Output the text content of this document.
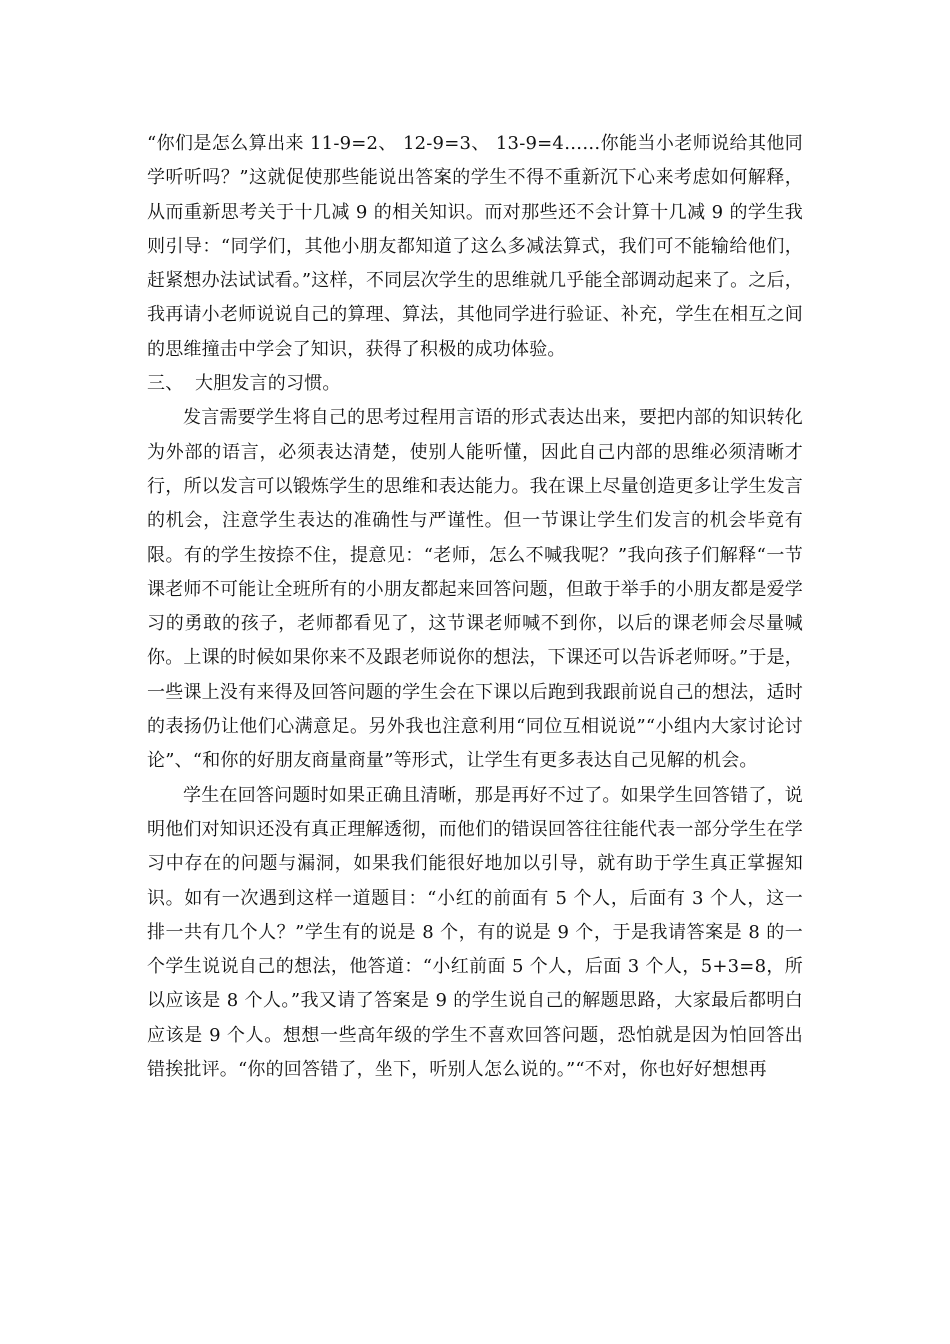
“你们是怎么算出来 11-9=2、 12-9=3、 13-9=4……你能当小老师说给其他同学听听吗？”这就促使那些能说出答案的学生不得不重新沉下心来考虑如何解释，从而重新思考关于十几减 9 的相关知识。而对那些还不会计算十几减 9 的学生我则引导：“同学们，其他小朋友都知道了这么多减法算式，我们可不能输给他们，赶紧想办法试试看。”这样，不同层次学生的思维就几乎能全部调动起来了。之后，我再请小老师说说自己的算理、算法，其他同学进行验证、补充，学生在相互之间的思维撞击中学会了知识，获得了积极的成功体验。

三、 大胆发言的习惯。

发言需要学生将自己的思考过程用言语的形式表达出来，要把内部的知识转化为外部的语言，必须表达清楚，使别人能听懂，因此自己内部的思维必须清晰才行，所以发言可以锻炼学生的思维和表达能力。我在课上尽量创造更多让学生发言的机会，注意学生表达的准确性与严谨性。但一节课让学生们发言的机会毕竟有限。有的学生按捺不住，提意见：“老师，怎么不喊我呢？”我向孩子们解释“一节课老师不可能让全班所有的小朋友都起来回答问题，但敢于举手的小朋友都是爱学习的勇敢的孩子，老师都看见了，这节课老师喊不到你，以后的课老师会尽量喊你。上课的时候如果你来不及跟老师说你的想法，下课还可以告诉老师呀。”于是，一些课上没有来得及回答问题的学生会在下课以后跑到我跟前说自己的想法，适时的表扬仍让他们心满意足。另外我也注意利用“同位互相说说”“小组内大家讨论讨论”、“和你的好朋友商量商量”等形式，让学生有更多表达自己见解的机会。

学生在回答问题时如果正确且清晰，那是再好不过了。如果学生回答错了，说明他们对知识还没有真正理解透彻，而他们的错误回答往往能代表一部分学生在学习中存在的问题与漏洞，如果我们能很好地加以引导，就有助于学生真正掌握知识。如有一次遇到这样一道题目：“小红的前面有 5 个人，后面有 3 个人，这一排一共有几个人？”学生有的说是 8 个，有的说是 9 个，于是我请答案是 8 的一个学生说说自己的想法，他答道：“小红前面 5 个人，后面 3 个人，5+3=8，所以应该是 8 个人。”我又请了答案是 9 的学生说自己的解题思路，大家最后都明白应该是 9 个人。想想一些高年级的学生不喜欢回答问题，恐怕就是因为怕回答出错挨批评。“你的回答错了，坐下，听别人怎么说的。”“不对，你也好好想想再
